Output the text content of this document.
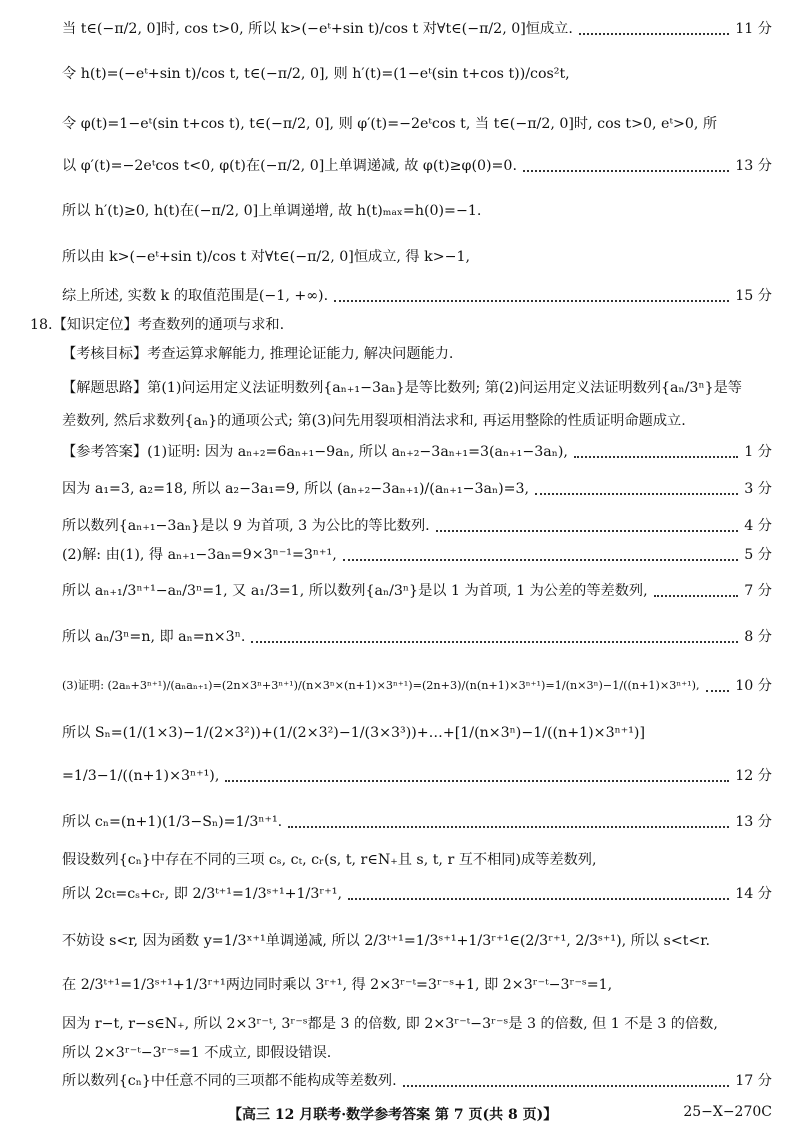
当 t∈(−π/2, 0]时, cos t>0, 所以 k>(−eᵗ+sin t)/cos t 对∀t∈(−π/2, 0]恒成立.	11 分
令 h(t)=(−eᵗ+sin t)/cos t, t∈(−π/2, 0], 则 h′(t)=(1−eᵗ(sin t+cos t))/cos²t,
令 φ(t)=1−eᵗ(sin t+cos t), t∈(−π/2, 0], 则 φ′(t)=−2eᵗcos t, 当 t∈(−π/2, 0]时, cos t>0, eᵗ>0, 所
以 φ′(t)=−2eᵗcos t<0, φ(t)在(−π/2, 0]上单调递减, 故 φ(t)≥φ(0)=0.	13 分
所以 h′(t)≥0, h(t)在(−π/2, 0]上单调递增, 故 h(t)ₘₐₓ=h(0)=−1.
所以由 k>(−eᵗ+sin t)/cos t 对∀t∈(−π/2, 0]恒成立, 得 k>−1,
综上所述, 实数 k 的取值范围是(−1, +∞).	15 分
18.【知识定位】考查数列的通项与求和.
【考核目标】考查运算求解能力, 推理论证能力, 解决问题能力.
【解题思路】第(1)问运用定义法证明数列{aₙ₊₁−3aₙ}是等比数列; 第(2)问运用定义法证明数列{aₙ/3ⁿ}是等
差数列, 然后求数列{aₙ}的通项公式; 第(3)问先用裂项相消法求和, 再运用整除的性质证明命题成立.
【参考答案】(1)证明: 因为 aₙ₊₂=6aₙ₊₁−9aₙ, 所以 aₙ₊₂−3aₙ₊₁=3(aₙ₊₁−3aₙ),	1 分
因为 a₁=3, a₂=18, 所以 a₂−3a₁=9, 所以 (aₙ₊₂−3aₙ₊₁)/(aₙ₊₁−3aₙ)=3,	3 分
所以数列{aₙ₊₁−3aₙ}是以 9 为首项, 3 为公比的等比数列.	4 分
(2)解: 由(1), 得 aₙ₊₁−3aₙ=9×3ⁿ⁻¹=3ⁿ⁺¹,	5 分
所以 aₙ₊₁/3ⁿ⁺¹−aₙ/3ⁿ=1, 又 a₁/3=1, 所以数列{aₙ/3ⁿ}是以 1 为首项, 1 为公差的等差数列,	7 分
所以 aₙ/3ⁿ=n, 即 aₙ=n×3ⁿ.	8 分
(3)证明: (2aₙ+3ⁿ⁺¹)/(aₙaₙ₊₁)=(2n×3ⁿ+3ⁿ⁺¹)/(n×3ⁿ×(n+1)×3ⁿ⁺¹)=(2n+3)/(n(n+1)×3ⁿ⁺¹)=1/(n×3ⁿ)−1/((n+1)×3ⁿ⁺¹),	10 分
所以 Sₙ=(1/(1×3)−1/(2×3²))+(1/(2×3²)−1/(3×3³))+…+[1/(n×3ⁿ)−1/((n+1)×3ⁿ⁺¹)]
=1/3−1/((n+1)×3ⁿ⁺¹),	12 分
所以 cₙ=(n+1)(1/3−Sₙ)=1/3ⁿ⁺¹.	13 分
假设数列{cₙ}中存在不同的三项 cₛ, cₜ, cᵣ(s, t, r∈N₊且 s, t, r 互不相同)成等差数列,
所以 2cₜ=cₛ+cᵣ, 即 2/3ᵗ⁺¹=1/3ˢ⁺¹+1/3ʳ⁺¹,	14 分
不妨设 s<r, 因为函数 y=1/3ˣ⁺¹单调递减, 所以 2/3ᵗ⁺¹=1/3ˢ⁺¹+1/3ʳ⁺¹∈(2/3ʳ⁺¹, 2/3ˢ⁺¹), 所以 s<t<r.
在 2/3ᵗ⁺¹=1/3ˢ⁺¹+1/3ʳ⁺¹两边同时乘以 3ʳ⁺¹, 得 2×3ʳ⁻ᵗ=3ʳ⁻ˢ+1, 即 2×3ʳ⁻ᵗ−3ʳ⁻ˢ=1,
因为 r−t, r−s∈N₊, 所以 2×3ʳ⁻ᵗ, 3ʳ⁻ˢ都是 3 的倍数, 即 2×3ʳ⁻ᵗ−3ʳ⁻ˢ是 3 的倍数, 但 1 不是 3 的倍数,
所以 2×3ʳ⁻ᵗ−3ʳ⁻ˢ=1 不成立, 即假设错误.
所以数列{cₙ}中任意不同的三项都不能构成等差数列.	17 分
【高三 12 月联考·数学参考答案 第 7 页(共 8 页)】	25−X−270C
